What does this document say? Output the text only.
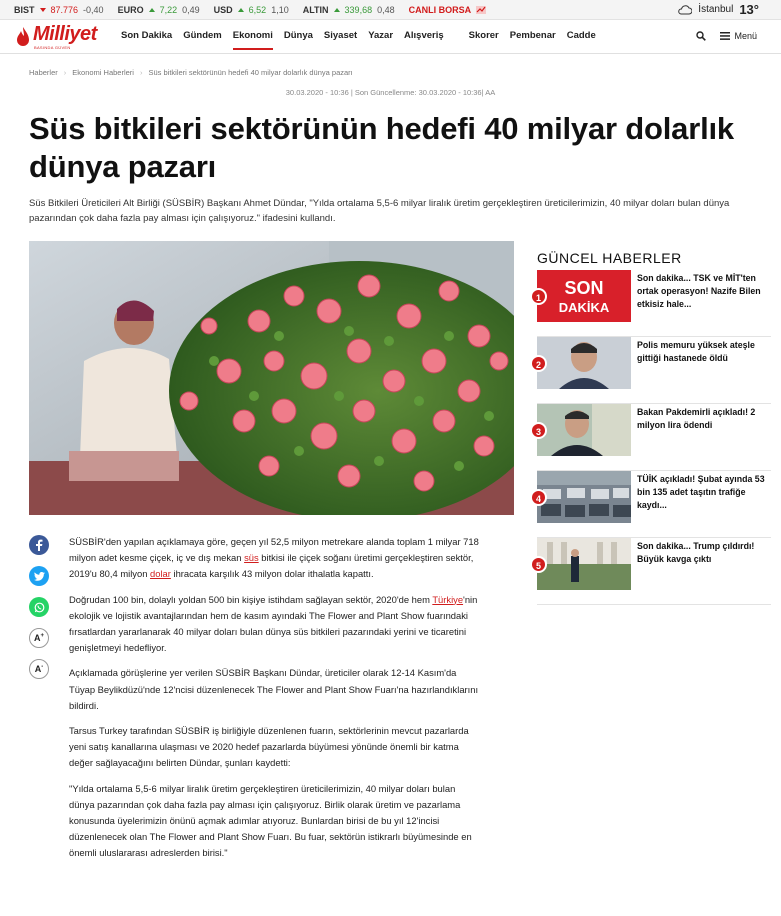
BIST 87.776 -0,40 EURO 7,22 0,49 USD 6,52 1,10 ALTIN 339,68 0,48 CANLI BORSA	İstanbul 13°
Milliyet
BASINDA GÜVEN
Son Dakika Gündem Ekonomi Dünya Siyaset Yazar Alışveriş	Skorer Pembenar Cadde	Menü
Haberler › Ekonomi Haberleri › Süs bitkileri sektörünün hedefi 40 milyar dolarlık dünya pazarı
30.03.2020 - 10:36 | Son Güncellenme: 30.03.2020 - 10:36| AA
Süs bitkileri sektörünün hedefi 40 milyar dolarlık dünya pazarı

Süs Bitkileri Üreticileri Alt Birliği (SÜSBİR) Başkanı Ahmet Dündar, "Yılda ortalama 5,5-6 milyar liralık üretim gerçekleştiren üreticilerimizin, 40 milyar doları bulan dünya pazarından çok daha fazla pay alması için çalışıyoruz." ifadesini kullandı.

GÜNCEL HABERLER
SON
DAKİKA
1
Son dakika... TSK ve MİT'ten ortak operasyon! Nazife Bilen etkisiz hale...
2
Polis memuru yüksek ateşle gittiği hastanede öldü
3
Bakan Pakdemirli açıkladı! 2 milyon lira ödendi
4
TÜİK açıkladı! Şubat ayında 53 bin 135 adet taşıtın trafiğe kaydı...
5
Son dakika... Trump çıldırdı! Büyük kavga çıktı
A+
A-

SÜSBİR'den yapılan açıklamaya göre, geçen yıl 52,5 milyon metrekare alanda toplam 1 milyar 718 milyon adet kesme çiçek, iç ve dış mekan süs bitkisi ile çiçek soğanı üretimi gerçekleştiren sektör, 2019'u 80,4 milyon dolar ihracata karşılık 43 milyon dolar ithalatla kapattı.

Doğrudan 100 bin, dolaylı yoldan 500 bin kişiye istihdam sağlayan sektör, 2020'de hem Türkiye'nin ekolojik ve lojistik avantajlarından hem de kasım ayındaki The Flower and Plant Show fuarındaki fırsatlardan yararlanarak 40 milyar doları bulan dünya süs bitkileri pazarındaki yerini ve ticaretini genişletmeyi hedefliyor.

Açıklamada görüşlerine yer verilen SÜSBİR Başkanı Dündar, üreticiler olarak 12-14 Kasım'da Tüyap Beylikdüzü'nde 12'ncisi düzenlenecek The Flower and Plant Show Fuarı'na hazırlandıklarını bildirdi.

Tarsus Turkey tarafından SÜSBİR iş birliğiyle düzenlenen fuarın, sektörlerinin mevcut pazarlarda yeni satış kanallarına ulaşması ve 2020 hedef pazarlarda büyümesi yönünde önemli bir katma değer sağlayacağını belirten Dündar, şunları kaydetti:

"Yılda ortalama 5,5-6 milyar liralık üretim gerçekleştiren üreticilerimizin, 40 milyar doları bulan dünya pazarından çok daha fazla pay alması için çalışıyoruz. Birlik olarak üretim ve pazarlama konusunda üyelerimizin önünü açmak adımlar atıyoruz. Bunlardan birisi de bu yıl 12'incisi düzenlenecek olan The Flower and Plant Show Fuarı. Bu fuar, sektörün istikrarlı büyümesinde en önemli uluslararası adreslerden birisi."
